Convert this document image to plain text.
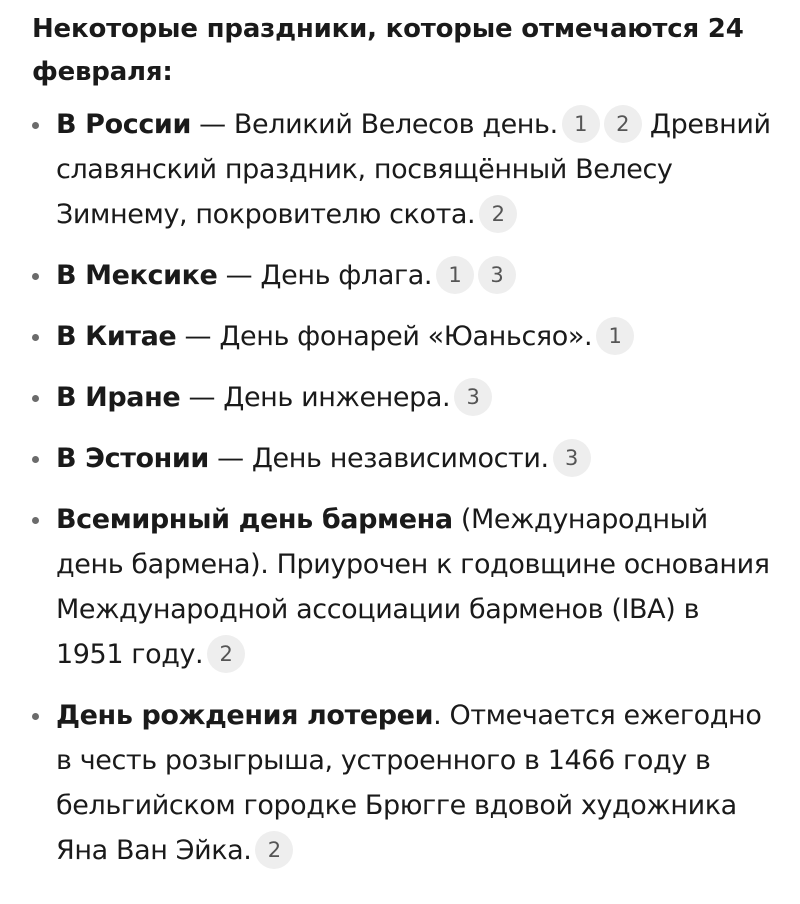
Некоторые праздники, которые отмечаются 24 февраля:
В России — Великий Велесов день. 1 2 Древний славянский праздник, посвящённый Велесу Зимнему, покровителю скота. 2
В Мексике — День флага. 1 3
В Китае — День фонарей «Юаньсяо». 1
В Иране — День инженера. 3
В Эстонии — День независимости. 3
Всемирный день бармена (Международный день бармена). Приурочен к годовщине основания Международной ассоциации барменов (IBA) в 1951 году. 2
День рождения лотереи. Отмечается ежегодно в честь розыгрыша, устроенного в 1466 году в бельгийском городке Брюгге вдовой художника Яна Ван Эйка. 2
